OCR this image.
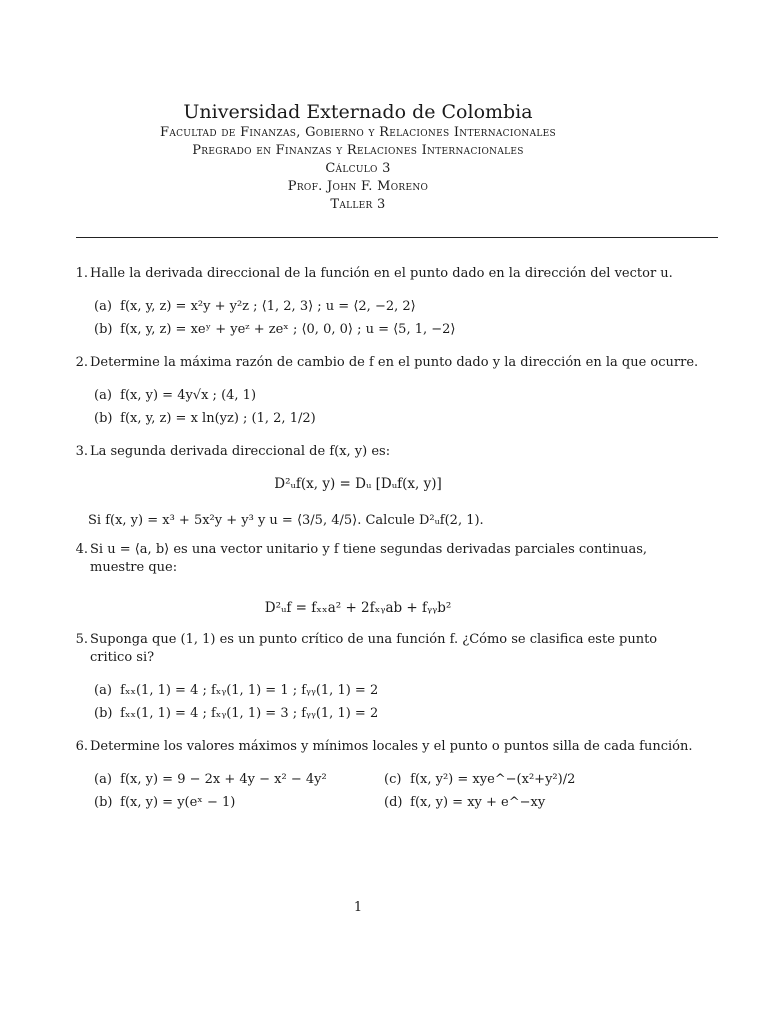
Universidad Externado de Colombia
Facultad de Finanzas, Gobierno y Relaciones Internacionales
Pregrado en Finanzas y Relaciones Internacionales
Cálculo 3
Prof. John F. Moreno
Taller 3
1. Halle la derivada direccional de la función en el punto dado en la dirección del vector u.
(a) f(x, y, z) = x²y + y²z ; ⟨1, 2, 3⟩ ; u = ⟨2, −2, 2⟩
(b) f(x, y, z) = xeʸ + yeᶻ + zeˣ ; ⟨0, 0, 0⟩ ; u = ⟨5, 1, −2⟩
2. Determine la máxima razón de cambio de f en el punto dado y la dirección en la que ocurre.
(a) f(x, y) = 4y√x ; (4, 1)
(b) f(x, y, z) = x ln(yz) ; (1, 2, 1/2)
3. La segunda derivada direccional de f(x, y) es:
D²ᵤf(x, y) = Dᵤ [Dᵤf(x, y)]
Si f(x, y) = x³ + 5x²y + y³ y u = ⟨3/5, 4/5⟩. Calcule D²ᵤf(2, 1).
4. Si u = ⟨a, b⟩ es una vector unitario y f tiene segundas derivadas parciales continuas, muestre que:
D²ᵤf = fₓₓa² + 2fₓᵧab + fᵧᵧb²
5. Suponga que (1, 1) es un punto crítico de una función f. ¿Cómo se clasifica este punto critico si?
(a) fₓₓ(1, 1) = 4 ; fₓᵧ(1, 1) = 1 ; fᵧᵧ(1, 1) = 2
(b) fₓₓ(1, 1) = 4 ; fₓᵧ(1, 1) = 3 ; fᵧᵧ(1, 1) = 2
6. Determine los valores máximos y mínimos locales y el punto o puntos silla de cada función.
(a) f(x, y) = 9 − 2x + 4y − x² − 4y²
(b) f(x, y) = y(eˣ − 1)
(c) f(x, y²) = xye^−(x²+y²)/2
(d) f(x, y) = xy + e^−xy
1
